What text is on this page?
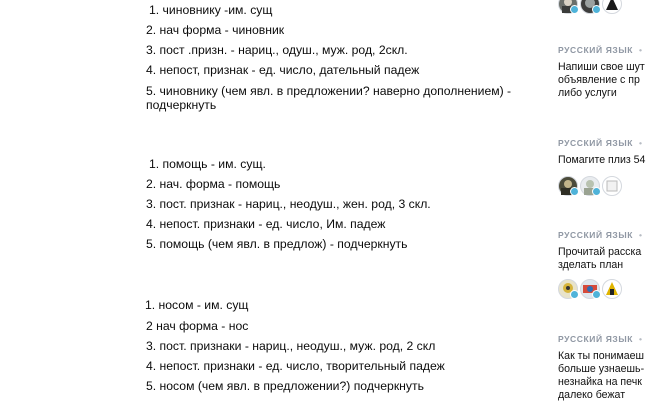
1. чиновнику -им. сущ
2. нач форма - чиновник
3. пост .призн. - нариц., одуш., муж. род, 2скл.
4. непост, признак - ед. число, дательный падеж
5. чиновнику (чем явл. в предложении? наверно дополнением) -
подчеркнуть
1. помощь - им. сущ.
2. нач. форма - помощь
3. пост. признак - нариц., неодуш., жен. род, 3 скл.
4. непост. признаки - ед. число, Им. падеж
5. помощь (чем явл. в предлож) - подчеркнуть
1. носом - им. сущ
2 нач форма - нос
3. пост. признаки - нариц., неодуш., муж. род, 2 скл
4. непост. признаки - ед. число, творительный падеж
5. носом (чем явл. в предложении?) подчеркнуть
РУССКИЙ ЯЗЫК •
Напиши свое шут
объявление с пр
либо услуги
РУССКИЙ ЯЗЫК •
Помагите плиз 54
РУССКИЙ ЯЗЫК •
Прочитай расска
зделать план
РУССКИЙ ЯЗЫК •
Как ты понимаеш
больше узнаешь-
незнайка на печк
далеко бежат
